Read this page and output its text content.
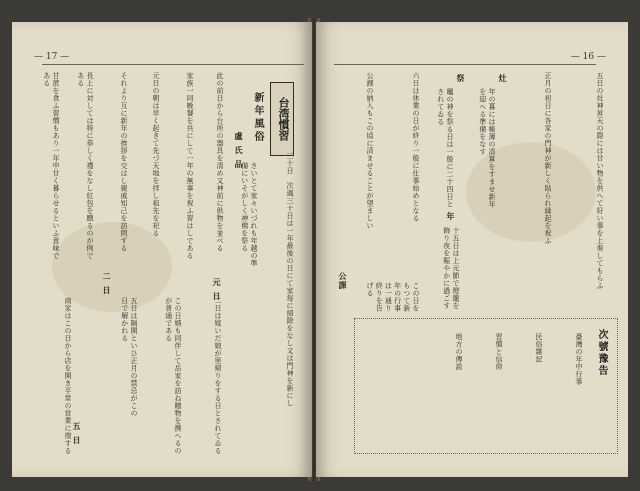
— 17 —
台湾慣習
新年風俗
盧氏品
元日
二日
五日
三十日　次週三十日は一年最後の日にて家毎に掃除をなし又は門神を新にし
さいとて家々いづれも年越の準備にいそがしく神佛を祭る
此の前日から台所の器具を清め又神前に供物を並べる
家族一同晩餐を共にして一年の無事を祝ふ習はしである
元日の朝は早く起きて先づ天地を拝し祖先を祀る
それより互に新年の挨拶を交はし親戚知己を訪問する
長上に対しては特に恭しく禮をなし紅包を贈るのが例である
甘蔗を食ふ習慣もあり一年中甘く暮らせるといふ意味である
二日は嫁いだ娘が里帰りをする日とされてゐる
この日婿も同伴して岳家を訪ね贈物を携へるのが普通である
五日は隔開といひ正月の禁忌がこの日で解かれる
商家はこの日から店を開き平常の営業に復する
— 16 —
灶
祭
年
公課	五日の灶神昇天の際には甘い物を供へて好い事を上奏してもらふ
正月の初日に各家の門神が新しく貼られ縁起を祝ふ
年の暮には帳簿の清算をすませ新年を迎へる準備をなす
竈の神を祭る日は一般に二十四日とされてゐる
六日は休業の日が終り一般に仕事始めとなる
公課の納入もこの頃に済ませることが望ましい
十五日は上元節で燈籠を飾り夜を賑やかに過ごす
この日をもつて新年の行事は一通り終りを告げる
次號豫告
臺灣の年中行事
民俗雜記
習慣と信仰
地方の傳説
